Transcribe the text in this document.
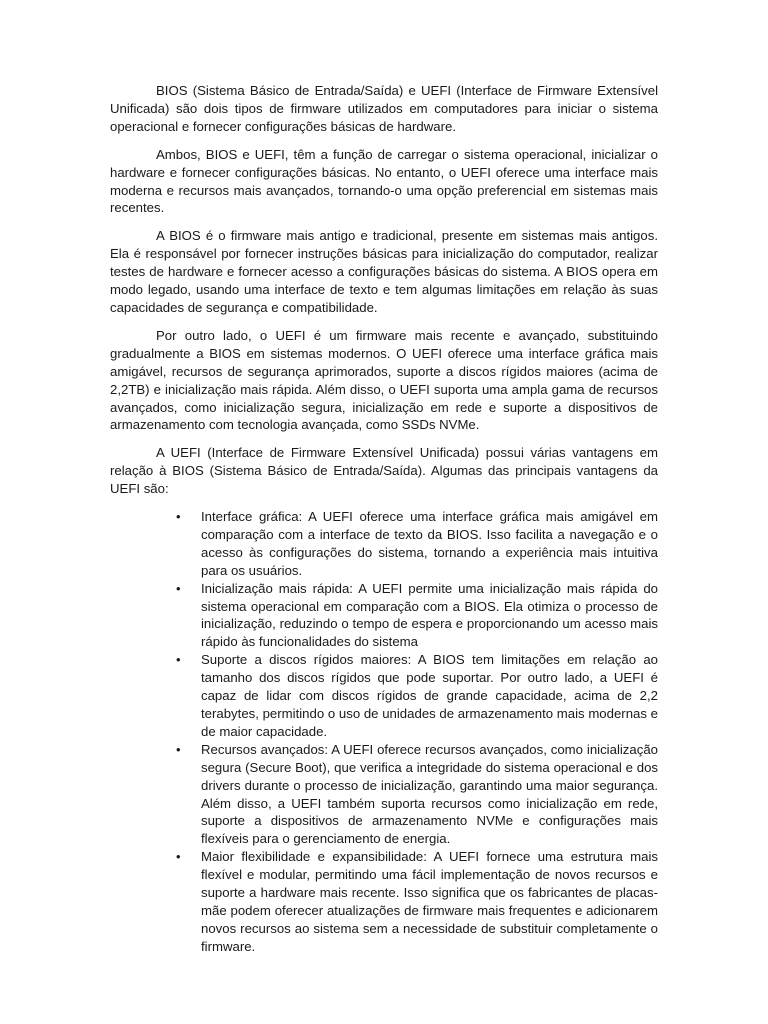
BIOS (Sistema Básico de Entrada/Saída) e UEFI (Interface de Firmware Extensível Unificada) são dois tipos de firmware utilizados em computadores para iniciar o sistema operacional e fornecer configurações básicas de hardware.

Ambos, BIOS e UEFI, têm a função de carregar o sistema operacional, inicializar o hardware e fornecer configurações básicas. No entanto, o UEFI oferece uma interface mais moderna e recursos mais avançados, tornando-o uma opção preferencial em sistemas mais recentes.

A BIOS é o firmware mais antigo e tradicional, presente em sistemas mais antigos. Ela é responsável por fornecer instruções básicas para inicialização do computador, realizar testes de hardware e fornecer acesso a configurações básicas do sistema. A BIOS opera em modo legado, usando uma interface de texto e tem algumas limitações em relação às suas capacidades de segurança e compatibilidade.

Por outro lado, o UEFI é um firmware mais recente e avançado, substituindo gradualmente a BIOS em sistemas modernos. O UEFI oferece uma interface gráfica mais amigável, recursos de segurança aprimorados, suporte a discos rígidos maiores (acima de 2,2TB) e inicialização mais rápida. Além disso, o UEFI suporta uma ampla gama de recursos avançados, como inicialização segura, inicialização em rede e suporte a dispositivos de armazenamento com tecnologia avançada, como SSDs NVMe.

A UEFI (Interface de Firmware Extensível Unificada) possui várias vantagens em relação à BIOS (Sistema Básico de Entrada/Saída). Algumas das principais vantagens da UEFI são:

• Interface gráfica: A UEFI oferece uma interface gráfica mais amigável em comparação com a interface de texto da BIOS. Isso facilita a navegação e o acesso às configurações do sistema, tornando a experiência mais intuitiva para os usuários.
• Inicialização mais rápida: A UEFI permite uma inicialização mais rápida do sistema operacional em comparação com a BIOS. Ela otimiza o processo de inicialização, reduzindo o tempo de espera e proporcionando um acesso mais rápido às funcionalidades do sistema
• Suporte a discos rígidos maiores: A BIOS tem limitações em relação ao tamanho dos discos rígidos que pode suportar. Por outro lado, a UEFI é capaz de lidar com discos rígidos de grande capacidade, acima de 2,2 terabytes, permitindo o uso de unidades de armazenamento mais modernas e de maior capacidade.
• Recursos avançados: A UEFI oferece recursos avançados, como inicialização segura (Secure Boot), que verifica a integridade do sistema operacional e dos drivers durante o processo de inicialização, garantindo uma maior segurança. Além disso, a UEFI também suporta recursos como inicialização em rede, suporte a dispositivos de armazenamento NVMe e configurações mais flexíveis para o gerenciamento de energia.
• Maior flexibilidade e expansibilidade: A UEFI fornece uma estrutura mais flexível e modular, permitindo uma fácil implementação de novos recursos e suporte a hardware mais recente. Isso significa que os fabricantes de placas-mãe podem oferecer atualizações de firmware mais frequentes e adicionarem novos recursos ao sistema sem a necessidade de substituir completamente o firmware.
